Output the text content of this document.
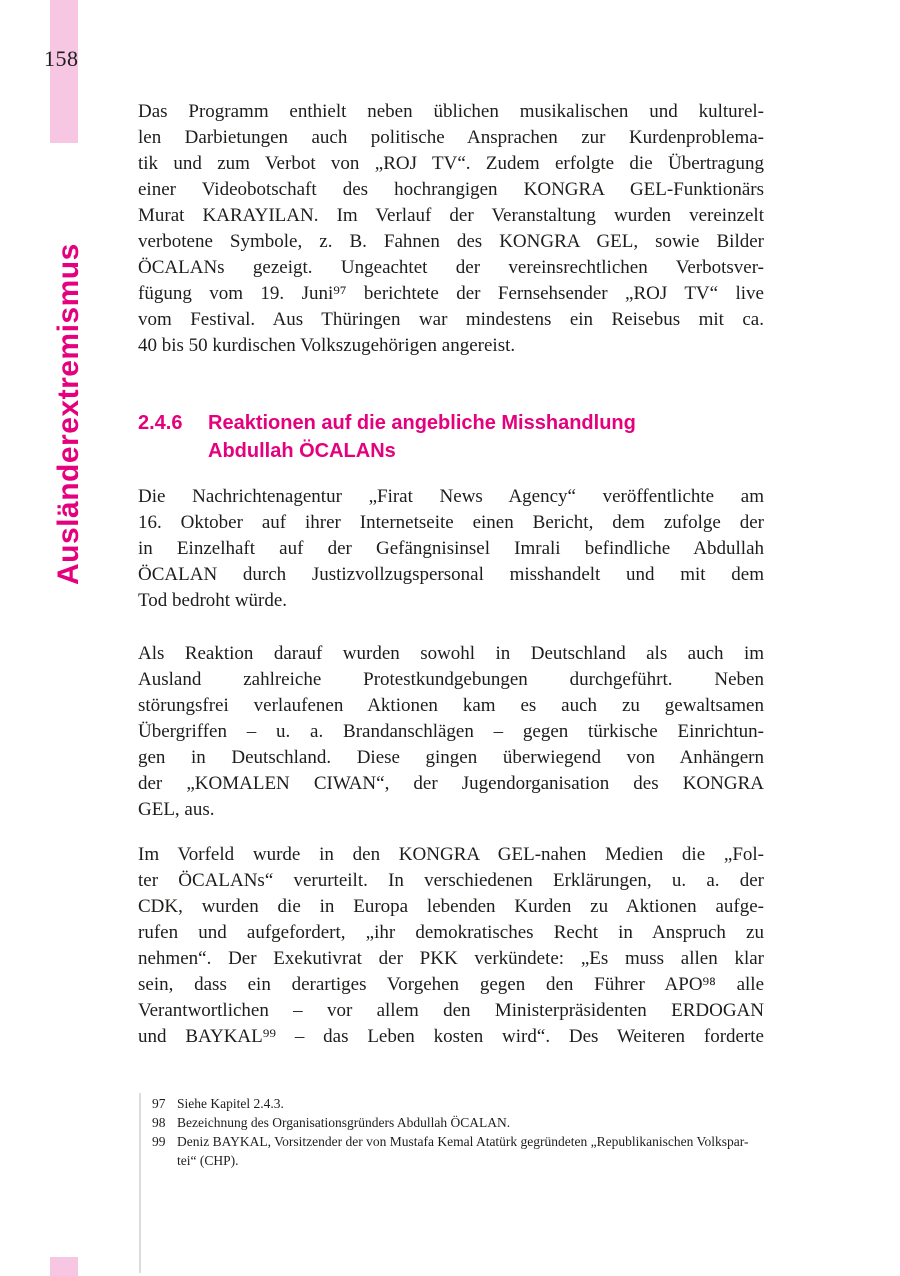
158
Ausländerextremismus
Das Programm enthielt neben üblichen musikalischen und kulturel-
len Darbietungen auch politische Ansprachen zur Kurdenproblema-
tik und zum Verbot von „ROJ TV“. Zudem erfolgte die Übertragung
einer Videobotschaft des hochrangigen KONGRA GEL-Funktionärs
Murat KARAYILAN. Im Verlauf der Veranstaltung wurden vereinzelt
verbotene Symbole, z. B. Fahnen des KONGRA GEL, sowie Bilder
ÖCALANs gezeigt. Ungeachtet der vereinsrechtlichen Verbotsver-
fügung vom 19. Juni⁹⁷ berichtete der Fernsehsender „ROJ TV“ live
vom Festival. Aus Thüringen war mindestens ein Reisebus mit ca.
40 bis 50 kurdischen Volkszugehörigen angereist.
2.4.6 Reaktionen auf die angebliche Misshandlung
Abdullah ÖCALANs
Die Nachrichtenagentur „Firat News Agency“ veröffentlichte am
16. Oktober auf ihrer Internetseite einen Bericht, dem zufolge der
in Einzelhaft auf der Gefängnisinsel Imrali befindliche Abdullah
ÖCALAN durch Justizvollzugspersonal misshandelt und mit dem
Tod bedroht würde.
Als Reaktion darauf wurden sowohl in Deutschland als auch im
Ausland zahlreiche Protestkundgebungen durchgeführt. Neben
störungsfrei verlaufenen Aktionen kam es auch zu gewaltsamen
Übergriffen – u. a. Brandanschlägen – gegen türkische Einrichtun-
gen in Deutschland. Diese gingen überwiegend von Anhängern
der „KOMALEN CIWAN“, der Jugendorganisation des KONGRA
GEL, aus.
Im Vorfeld wurde in den KONGRA GEL-nahen Medien die „Fol-
ter ÖCALANs“ verurteilt. In verschiedenen Erklärungen, u. a. der
CDK, wurden die in Europa lebenden Kurden zu Aktionen aufge-
rufen und aufgefordert, „ihr demokratisches Recht in Anspruch zu
nehmen“. Der Exekutivrat der PKK verkündete: „Es muss allen klar
sein, dass ein derartiges Vorgehen gegen den Führer APO⁹⁸ alle
Verantwortlichen – vor allem den Ministerpräsidenten ERDOGAN
und BAYKAL⁹⁹ – das Leben kosten wird“. Des Weiteren forderte
97 Siehe Kapitel 2.4.3.
98 Bezeichnung des Organisationsgründers Abdullah ÖCALAN.
99 Deniz BAYKAL, Vorsitzender der von Mustafa Kemal Atatürk gegründeten „Republikanischen Volkspar-
tei“ (CHP).
